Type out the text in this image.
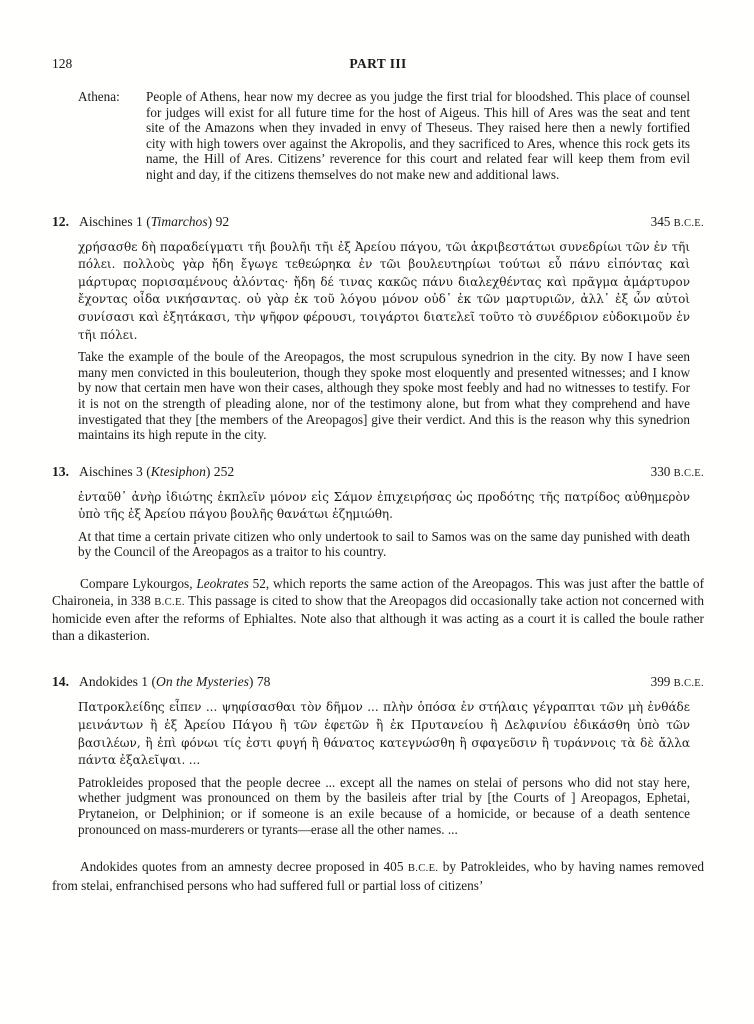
128	PART III
Athena:	People of Athens, hear now my decree as you judge the first trial for bloodshed. This place of counsel for judges will exist for all future time for the host of Aigeus. This hill of Ares was the seat and tent site of the Amazons when they invaded in envy of Theseus. They raised here then a newly fortified city with high towers over against the Akropolis, and they sacrificed to Ares, whence this rock gets its name, the Hill of Ares. Citizens’ reverence for this court and related fear will keep them from evil night and day, if the citizens themselves do not make new and additional laws.
12. Aischines 1 (Timarchos) 92	345 B.C.E.

χρήσασθε δὴ παραδείγματι τῆι βουλῆι τῆι ἐξ Ἀρείου πάγου, τῶι ἀκριβεστάτωι συνεδρίωι τῶν ἐν τῆι πόλει. πολλοὺς γὰρ ἤδη ἔγωγε τεθεώρηκα ἐν τῶι βουλευτηρίωι τούτωι εὖ πάνυ εἰπόντας καὶ μάρτυρας πορισαμένους ἁλόντας· ἤδη δέ τινας κακῶς πάνυ διαλεχθέντας καὶ πρᾶγμα ἀμάρτυρον ἔχοντας οἶδα νικήσαντας. οὐ γὰρ ἐκ τοῦ λόγου μόνον οὐδ᾽ ἐκ τῶν μαρτυριῶν, ἀλλ᾽ ἐξ ὧν αὐτοὶ συνίσασι καὶ ἐξητάκασι, τὴν ψῆφον φέρουσι, τοιγάρτοι διατελεῖ τοῦτο τὸ συνέδριον εὐδοκιμοῦν ἐν τῆι πόλει.

Take the example of the boule of the Areopagos, the most scrupulous synedrion in the city. By now I have seen many men convicted in this bouleuterion, though they spoke most eloquently and presented witnesses; and I know by now that certain men have won their cases, although they spoke most feebly and had no witnesses to testify. For it is not on the strength of pleading alone, nor of the testimony alone, but from what they comprehend and have investigated that they [the members of the Areopagos] give their verdict. And this is the reason why this synedrion maintains its high repute in the city.

13. Aischines 3 (Ktesiphon) 252	330 B.C.E.

ἐνταῦθ᾽ ἀνὴρ ἰδιώτης ἐκπλεῖν μόνον εἰς Σάμον ἐπιχειρήσας ὡς προδότης τῆς πατρίδος αὐθημερὸν ὑπὸ τῆς ἐξ Ἀρείου πάγου βουλῆς θανάτωι ἐζημιώθη.

At that time a certain private citizen who only undertook to sail to Samos was on the same day punished with death by the Council of the Areopagos as a traitor to his country.

Compare Lykourgos, Leokrates 52, which reports the same action of the Areopagos. This was just after the battle of Chaironeia, in 338 B.C.E. This passage is cited to show that the Areopagos did occasionally take action not concerned with homicide even after the reforms of Ephialtes. Note also that although it was acting as a court it is called the boule rather than a dikasterion.

14. Andokides 1 (On the Mysteries) 78	399 B.C.E.

Πατροκλείδης εἶπεν ... ψηφίσασθαι τὸν δῆμον ... πλὴν ὁπόσα ἐν στήλαις γέγραπται τῶν μὴ ἐνθάδε μεινάντων ἢ ἐξ Ἀρείου Πάγου ἢ τῶν ἐφετῶν ἢ ἐκ Πρυτανείου ἢ Δελφινίου ἐδικάσθη ὑπὸ τῶν βασιλέων, ἢ ἐπὶ φόνωι τίς ἐστι φυγή ἢ θάνατος κατεγνώσθη ἢ σφαγεῦσιν ἢ τυράννοις τὰ δὲ ἄλλα πάντα ἐξαλεῖψαι. ...

Patrokleides proposed that the people decree ... except all the names on stelai of persons who did not stay here, whether judgment was pronounced on them by the basileis after trial by [the Courts of ] Areopagos, Ephetai, Prytaneion, or Delphinion; or if someone is an exile because of a homicide, or because of a death sentence pronounced on mass-murderers or tyrants—erase all the other names. ...

Andokides quotes from an amnesty decree proposed in 405 B.C.E. by Patrokleides, who by having names removed from stelai, enfranchised persons who had suffered full or partial loss of citizens’
